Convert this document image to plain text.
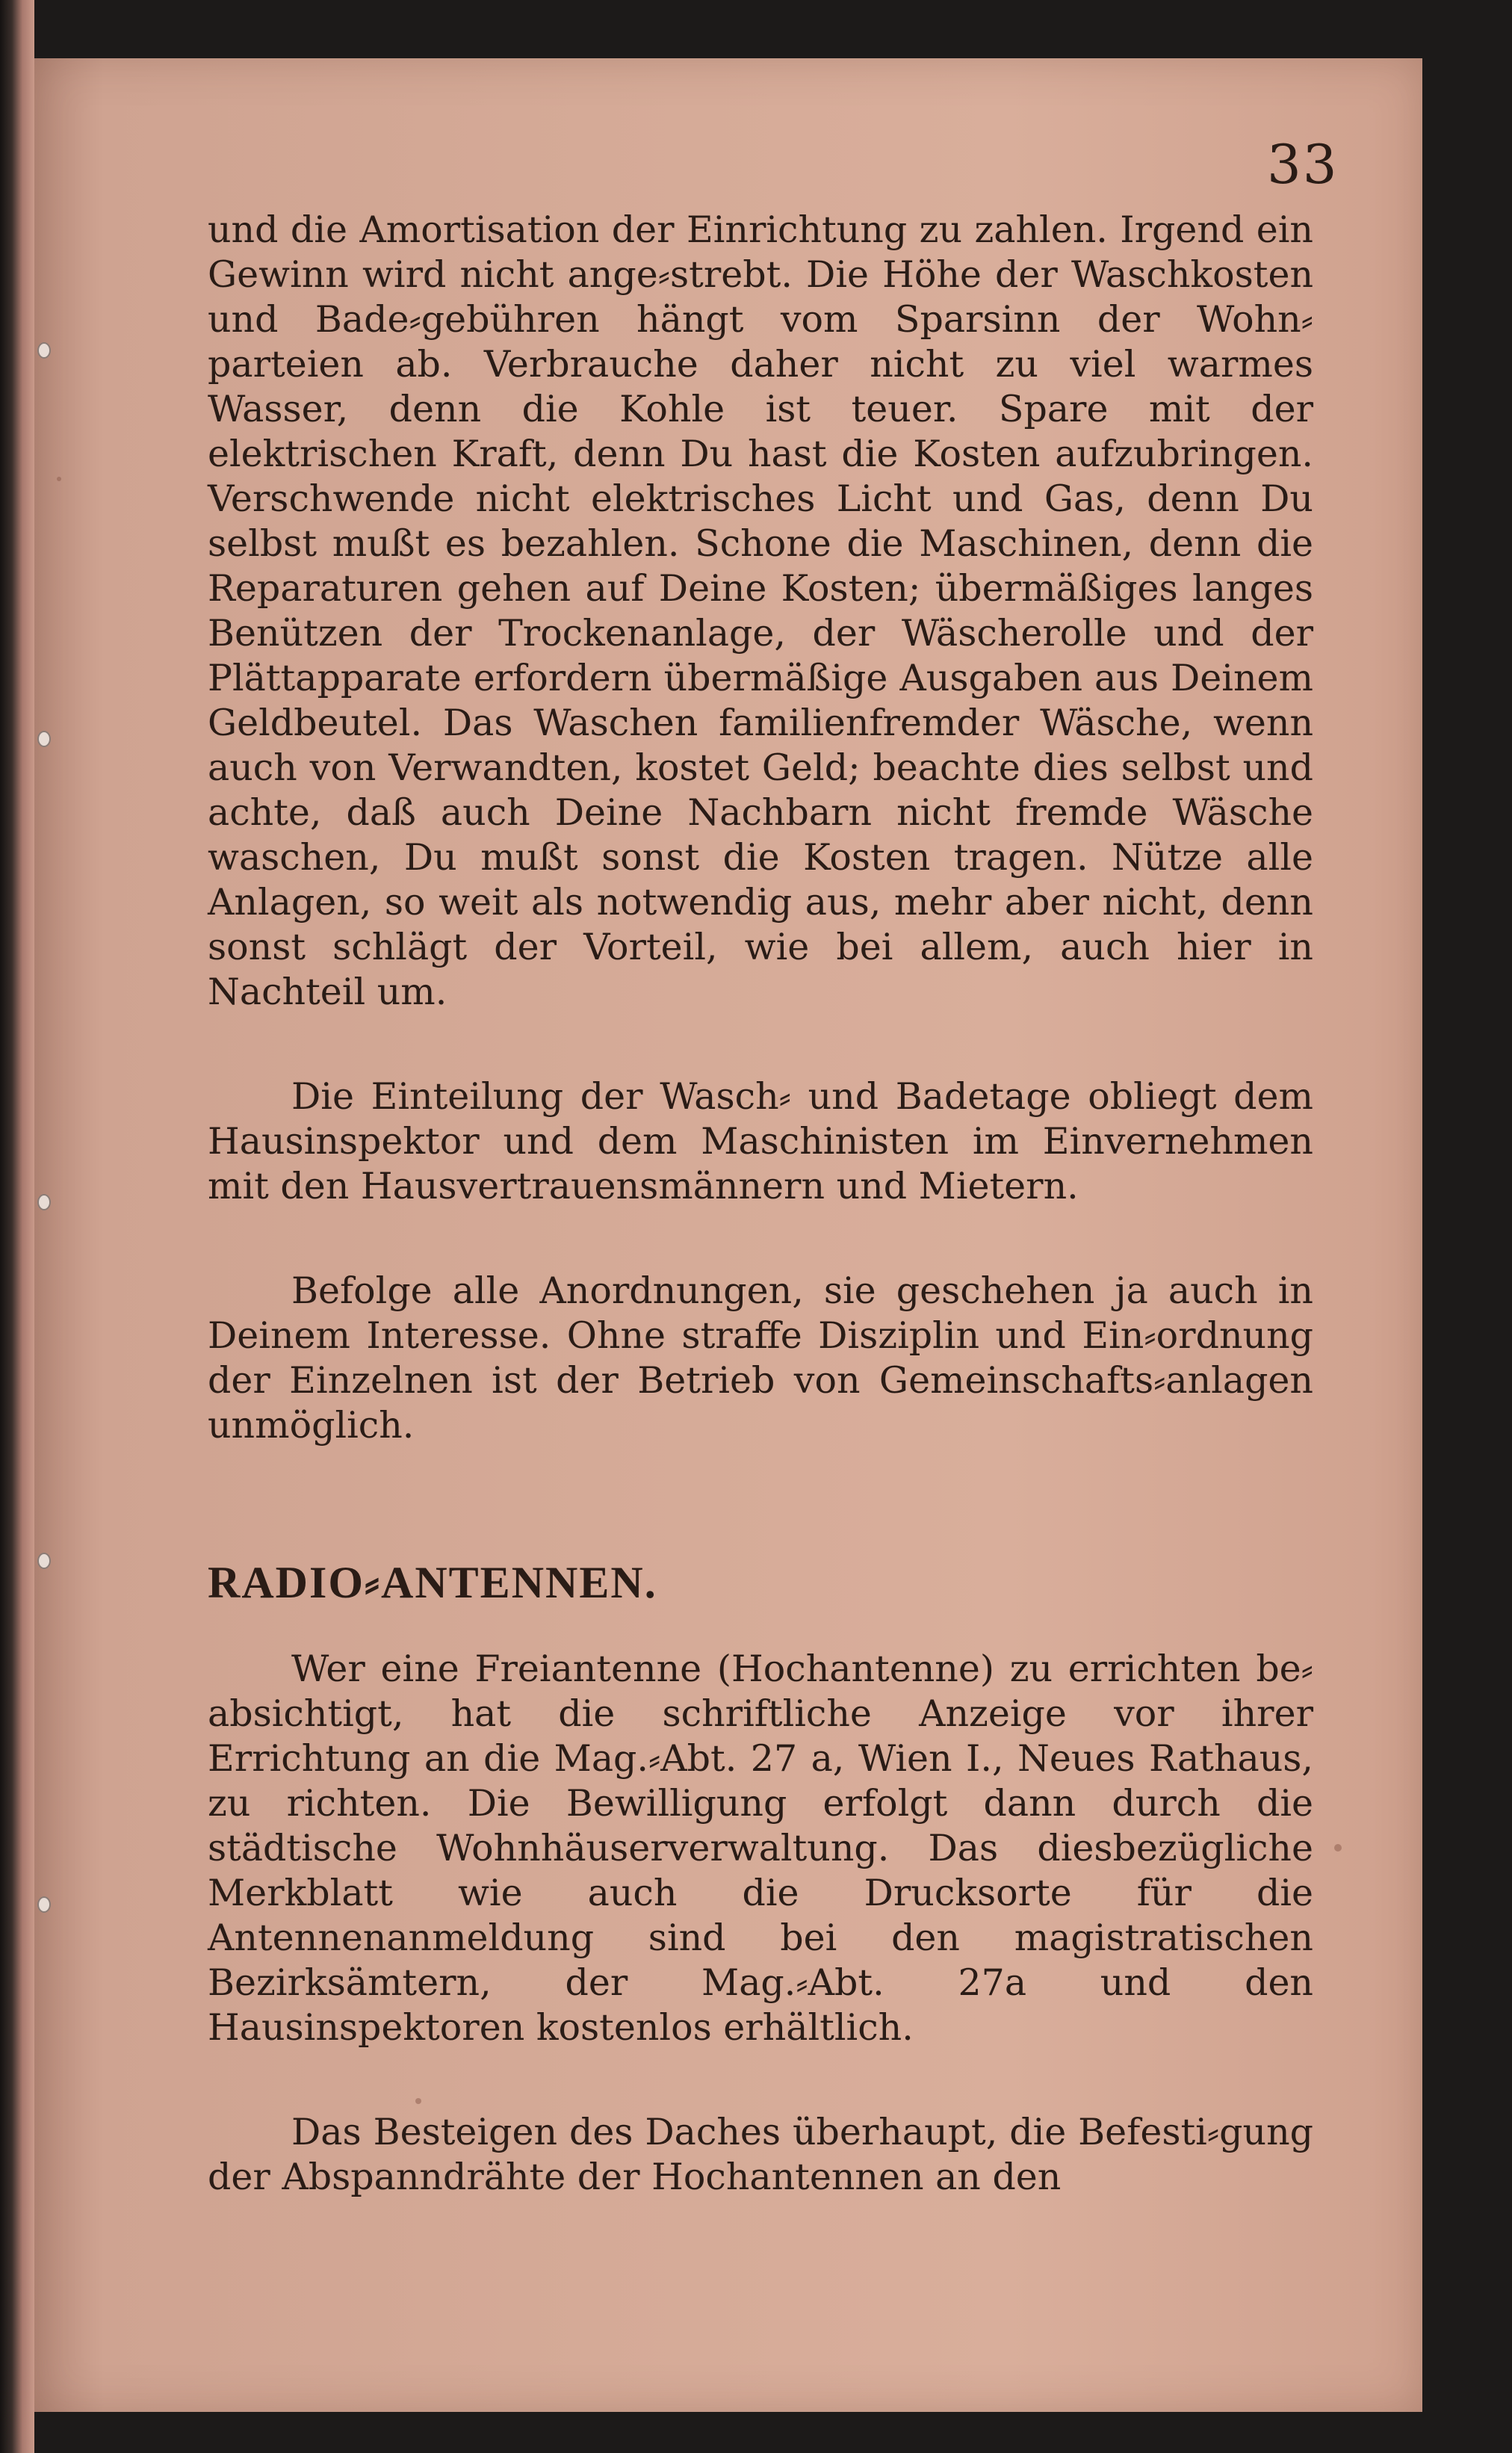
33

und die Amortisation der Einrichtung zu zahlen. Irgend ein Gewinn wird nicht ange⸗strebt. Die Höhe der Waschkosten und Bade⸗gebühren hängt vom Sparsinn der Wohn⸗parteien ab. Verbrauche daher nicht zu viel warmes Wasser, denn die Kohle ist teuer. Spare mit der elektrischen Kraft, denn Du hast die Kosten aufzubringen. Verschwende nicht elektrisches Licht und Gas, denn Du selbst mußt es bezahlen. Schone die Maschinen, denn die Reparaturen gehen auf Deine Kosten; übermäßiges langes Benützen der Trockenanlage, der Wäscherolle und der Plättapparate erfordern übermäßige Ausgaben aus Deinem Geldbeutel. Das Waschen familienfremder Wäsche, wenn auch von Verwandten, kostet Geld; beachte dies selbst und achte, daß auch Deine Nachbarn nicht fremde Wäsche waschen, Du mußt sonst die Kosten tragen. Nütze alle Anlagen, so weit als notwendig aus, mehr aber nicht, denn sonst schlägt der Vorteil, wie bei allem, auch hier in Nachteil um.

Die Einteilung der Wasch⸗ und Badetage obliegt dem Hausinspektor und dem Maschinisten im Einvernehmen mit den Hausvertrauensmännern und Mietern.

Befolge alle Anordnungen, sie geschehen ja auch in Deinem Interesse. Ohne straffe Disziplin und Ein⸗ordnung der Einzelnen ist der Betrieb von Gemeinschafts⸗anlagen unmöglich.

RADIO⸗ANTENNEN.

Wer eine Freiantenne (Hochantenne) zu errichten be⸗absichtigt, hat die schriftliche Anzeige vor ihrer Errichtung an die Mag.⸗Abt. 27 a, Wien I., Neues Rathaus, zu richten. Die Bewilligung erfolgt dann durch die städtische Wohnhäuserverwaltung. Das diesbezügliche Merkblatt wie auch die Drucksorte für die Antennenanmeldung sind bei den magistratischen Bezirksämtern, der Mag.⸗Abt. 27a und den Hausinspektoren kostenlos erhältlich.

Das Besteigen des Daches überhaupt, die Befesti⸗gung der Abspanndrähte der Hochantennen an den
